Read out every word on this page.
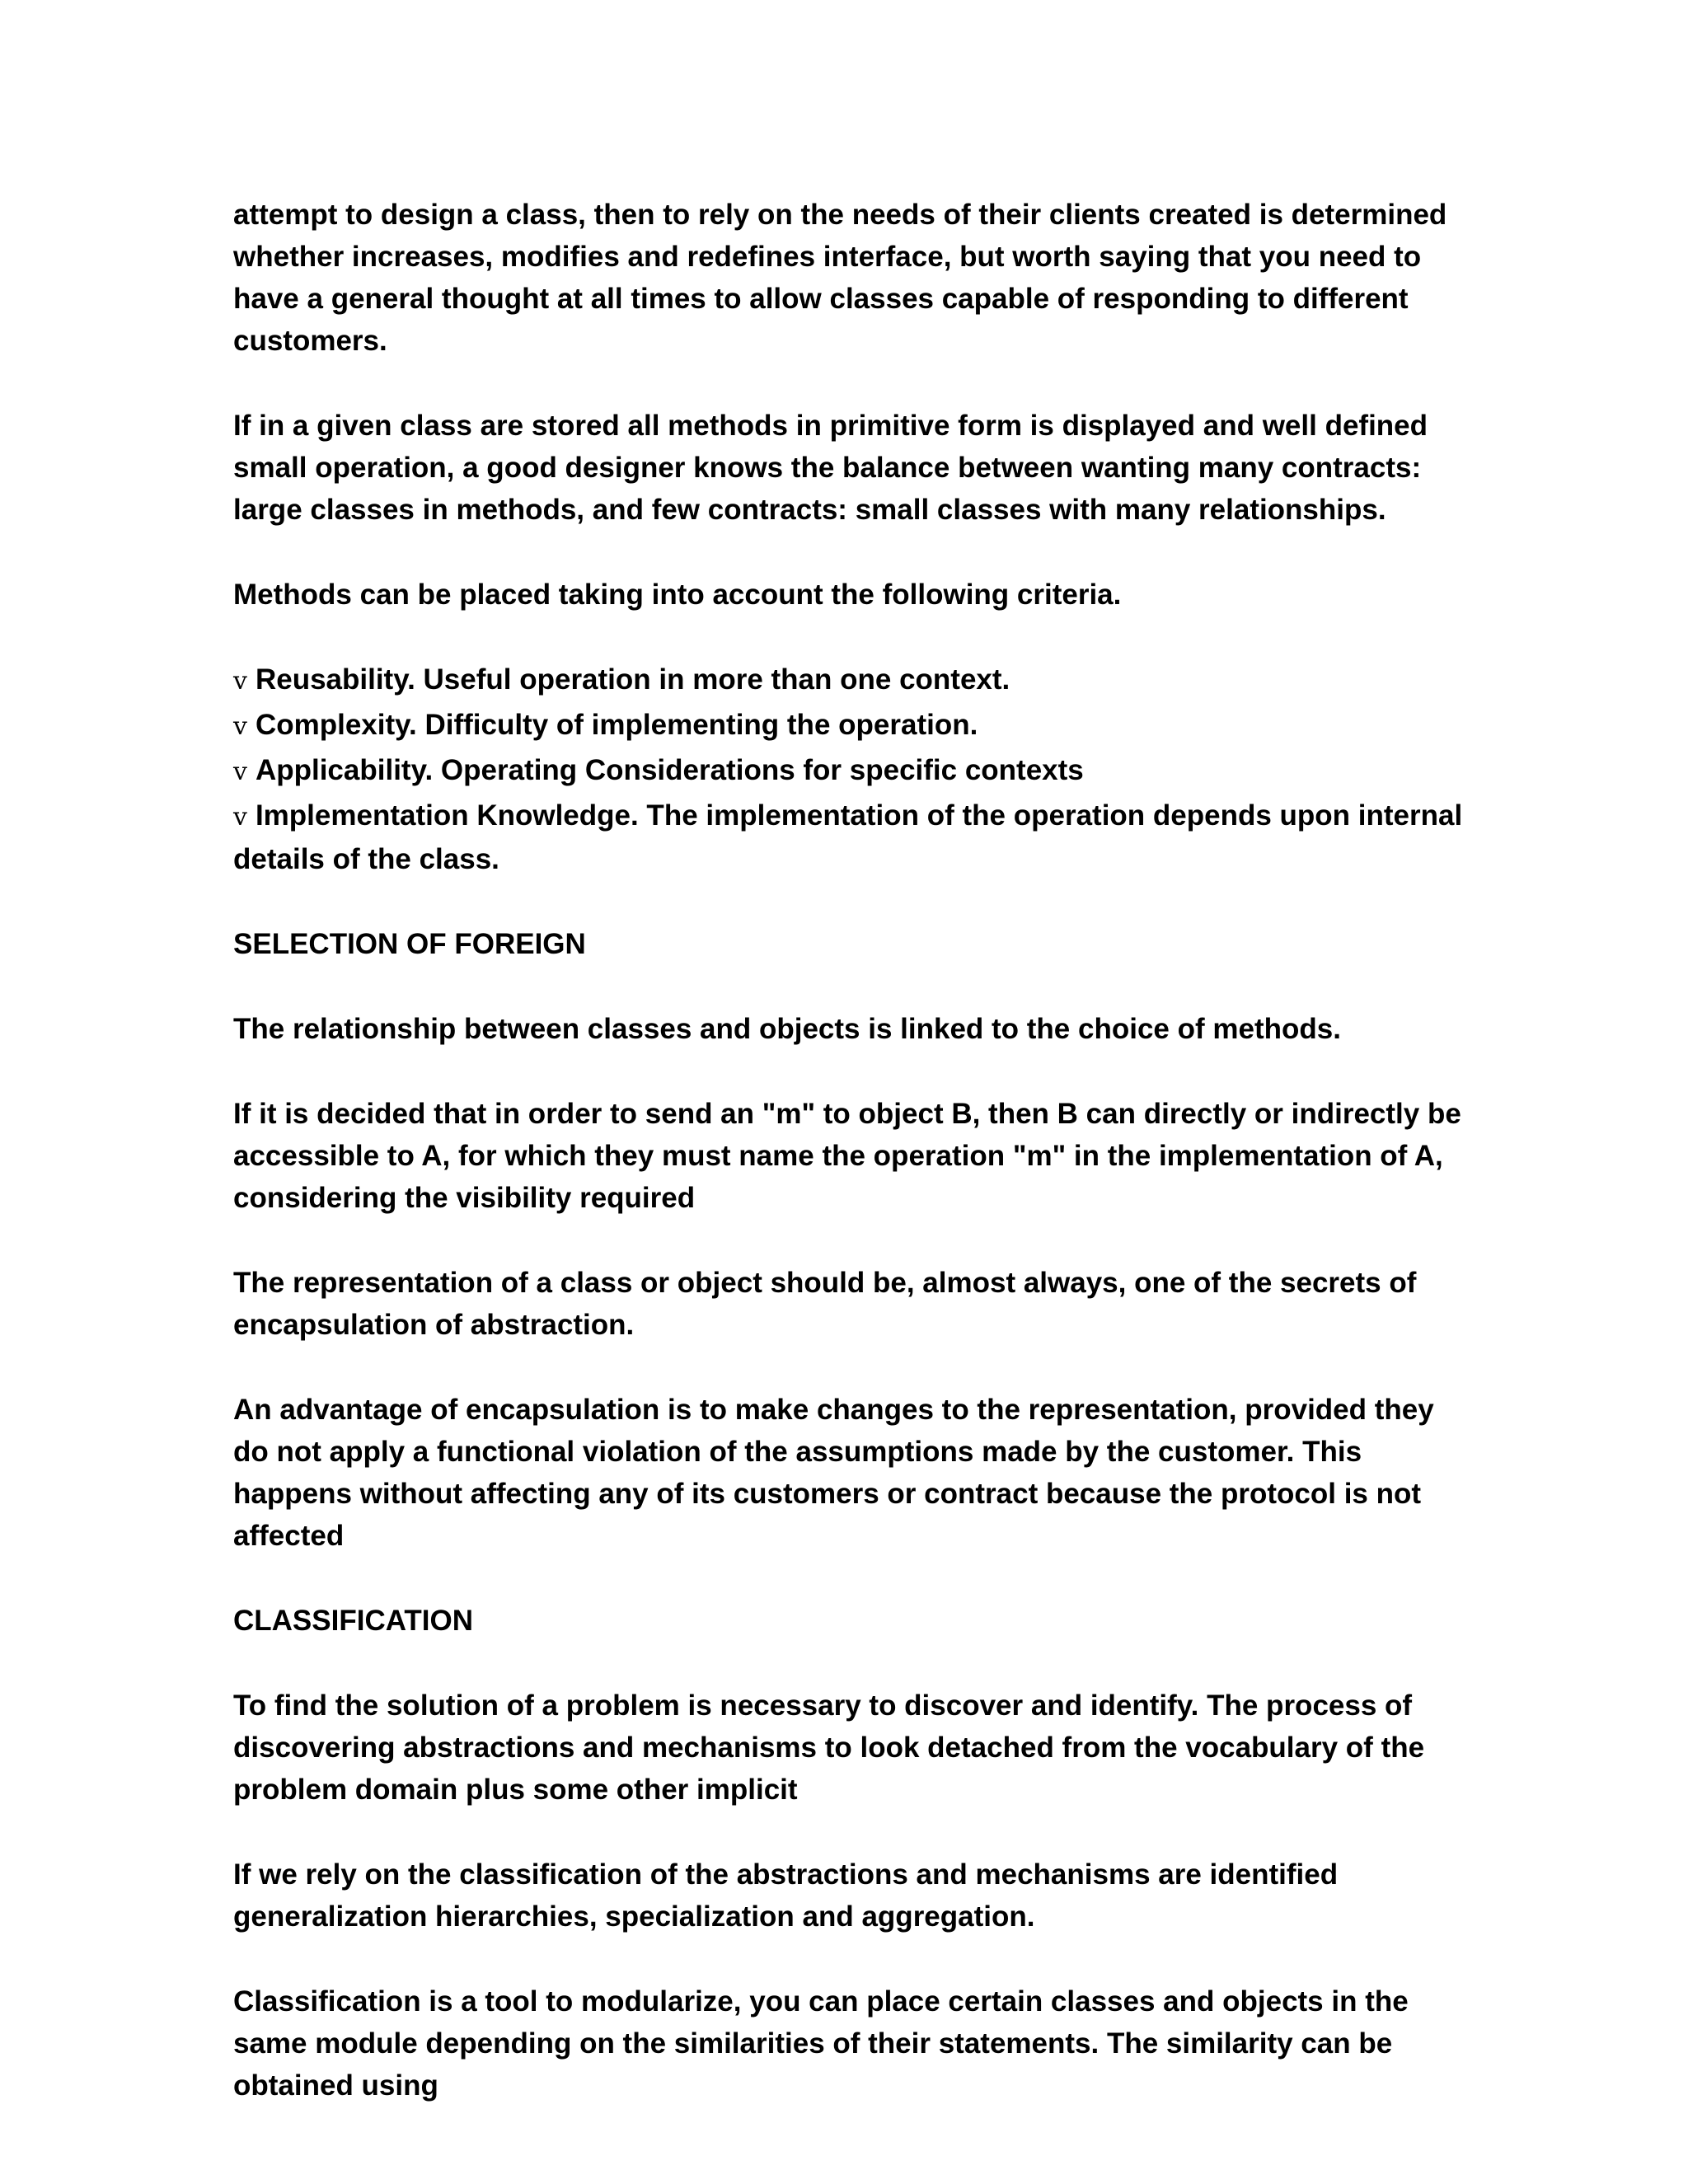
attempt to design a class, then to rely on the needs of their clients created is determined whether increases, modifies and redefines interface, but worth saying that you need to have a general thought at all times to allow classes capable of responding to different customers.

If in a given class are stored all methods in primitive form is displayed and well defined small operation, a good designer knows the balance between wanting many contracts: large classes in methods, and few contracts: small classes with many relationships.

Methods can be placed taking into account the following criteria.

v Reusability. Useful operation in more than one context.
v Complexity. Difficulty of implementing the operation.
v Applicability. Operating Considerations for specific contexts
v Implementation Knowledge. The implementation of the operation depends upon internal details of the class.

SELECTION OF FOREIGN

The relationship between classes and objects is linked to the choice of methods.

If it is decided that in order to send an "m" to object B, then B can directly or indirectly be accessible to A, for which they must name the operation "m" in the implementation of A, considering the visibility required

The representation of a class or object should be, almost always, one of the secrets of encapsulation of abstraction.

An advantage of encapsulation is to make changes to the representation, provided they do not apply a functional violation of the assumptions made by the customer. This happens without affecting any of its customers or contract because the protocol is not affected

CLASSIFICATION

To find the solution of a problem is necessary to discover and identify. The process of discovering abstractions and mechanisms to look detached from the vocabulary of the problem domain plus some other implicit

If we rely on the classification of the abstractions and mechanisms are identified generalization hierarchies, specialization and aggregation.

Classification is a tool to modularize, you can place certain classes and objects in the same module depending on the similarities of their statements. The similarity can be obtained using
